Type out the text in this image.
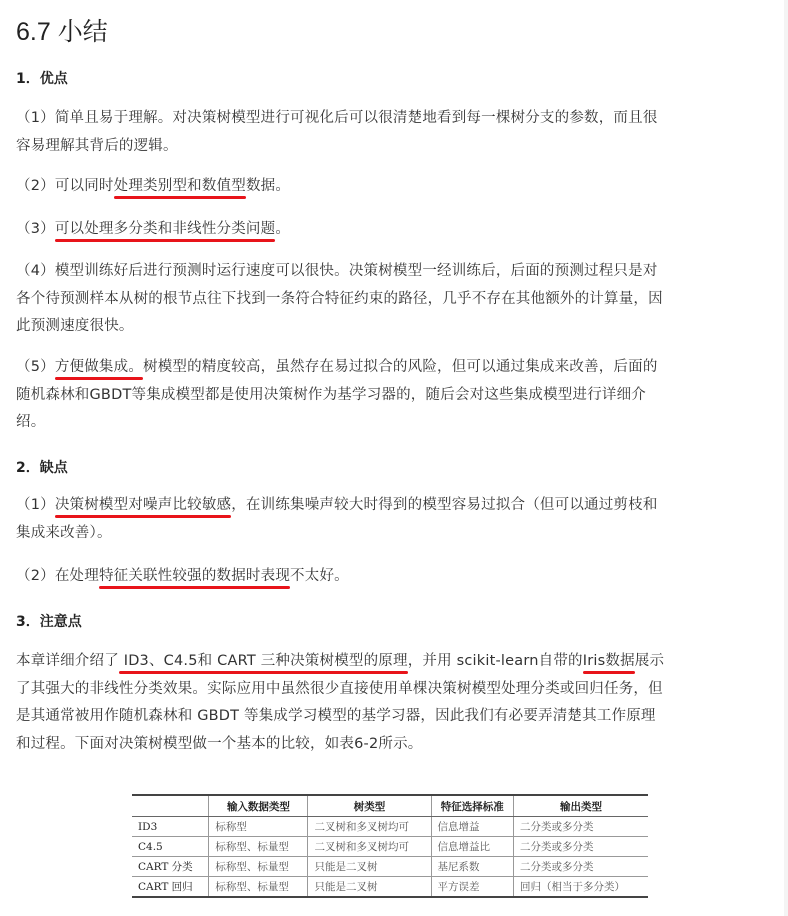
6.7 小结
1．优点

（1）简单且易于理解。对决策树模型进行可视化后可以很清楚地看到每一棵树分支的参数，而且很容易理解其背后的逻辑。

（2）可以同时处理类别型和数值型数据。

（3）可以处理多分类和非线性分类问题。

（4）模型训练好后进行预测时运行速度可以很快。决策树模型一经训练后，后面的预测过程只是对各个待预测样本从树的根节点往下找到一条符合特征约束的路径，几乎不存在其他额外的计算量，因此预测速度很快。

（5）方便做集成。树模型的精度较高，虽然存在易过拟合的风险，但可以通过集成来改善，后面的随机森林和GBDT等集成模型都是使用决策树作为基学习器的，随后会对这些集成模型进行详细介绍。

2．缺点

（1）决策树模型对噪声比较敏感，在训练集噪声较大时得到的模型容易过拟合（但可以通过剪枝和集成来改善）。

（2）在处理特征关联性较强的数据时表现不太好。

3．注意点

本章详细介绍了 ID3、C4.5和 CART 三种决策树模型的原理，并用 scikit-learn自带的Iris数据展示了其强大的非线性分类效果。实际应用中虽然很少直接使用单棵决策树模型处理分类或回归任务，但是其通常被用作随机森林和 GBDT 等集成学习模型的基学习器，因此我们有必要弄清楚其工作原理和过程。下面对决策树模型做一个基本的比较，如表6-2所示。

	输入数据类型	树类型	特征选择标准	输出类型
ID3	标称型	二叉树和多叉树均可	信息增益	二分类或多分类
C4.5	标称型、标量型	二叉树和多叉树均可	信息增益比	二分类或多分类
CART 分类	标称型、标量型	只能是二叉树	基尼系数	二分类或多分类
CART 回归	标称型、标量型	只能是二叉树	平方误差	回归（相当于多分类）
